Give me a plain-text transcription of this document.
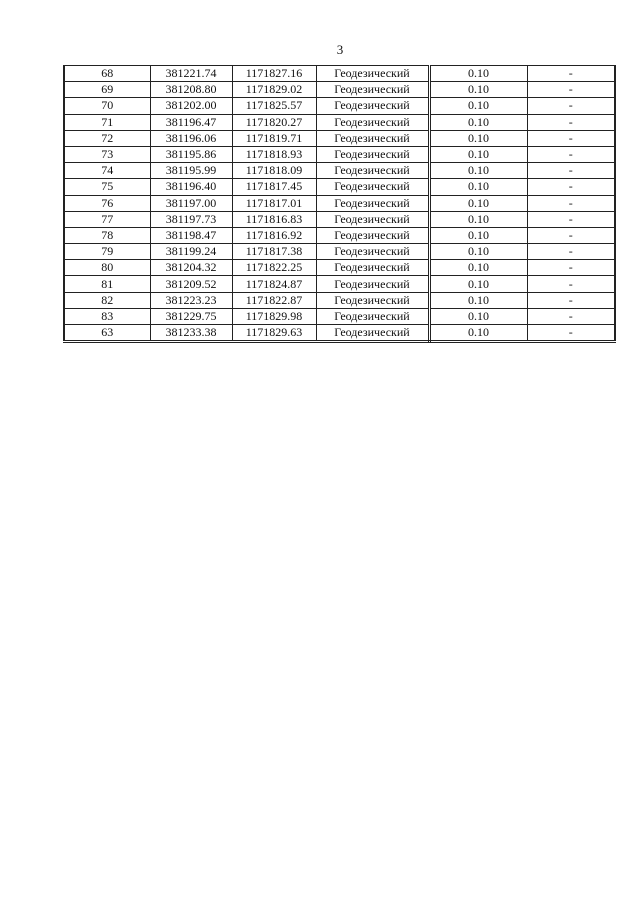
3
68	381221.74	1171827.16	Геодезический	0.10	-
69	381208.80	1171829.02	Геодезический	0.10	-
70	381202.00	1171825.57	Геодезический	0.10	-
71	381196.47	1171820.27	Геодезический	0.10	-
72	381196.06	1171819.71	Геодезический	0.10	-
73	381195.86	1171818.93	Геодезический	0.10	-
74	381195.99	1171818.09	Геодезический	0.10	-
75	381196.40	1171817.45	Геодезический	0.10	-
76	381197.00	1171817.01	Геодезический	0.10	-
77	381197.73	1171816.83	Геодезический	0.10	-
78	381198.47	1171816.92	Геодезический	0.10	-
79	381199.24	1171817.38	Геодезический	0.10	-
80	381204.32	1171822.25	Геодезический	0.10	-
81	381209.52	1171824.87	Геодезический	0.10	-
82	381223.23	1171822.87	Геодезический	0.10	-
83	381229.75	1171829.98	Геодезический	0.10	-
63	381233.38	1171829.63	Геодезический	0.10	-
